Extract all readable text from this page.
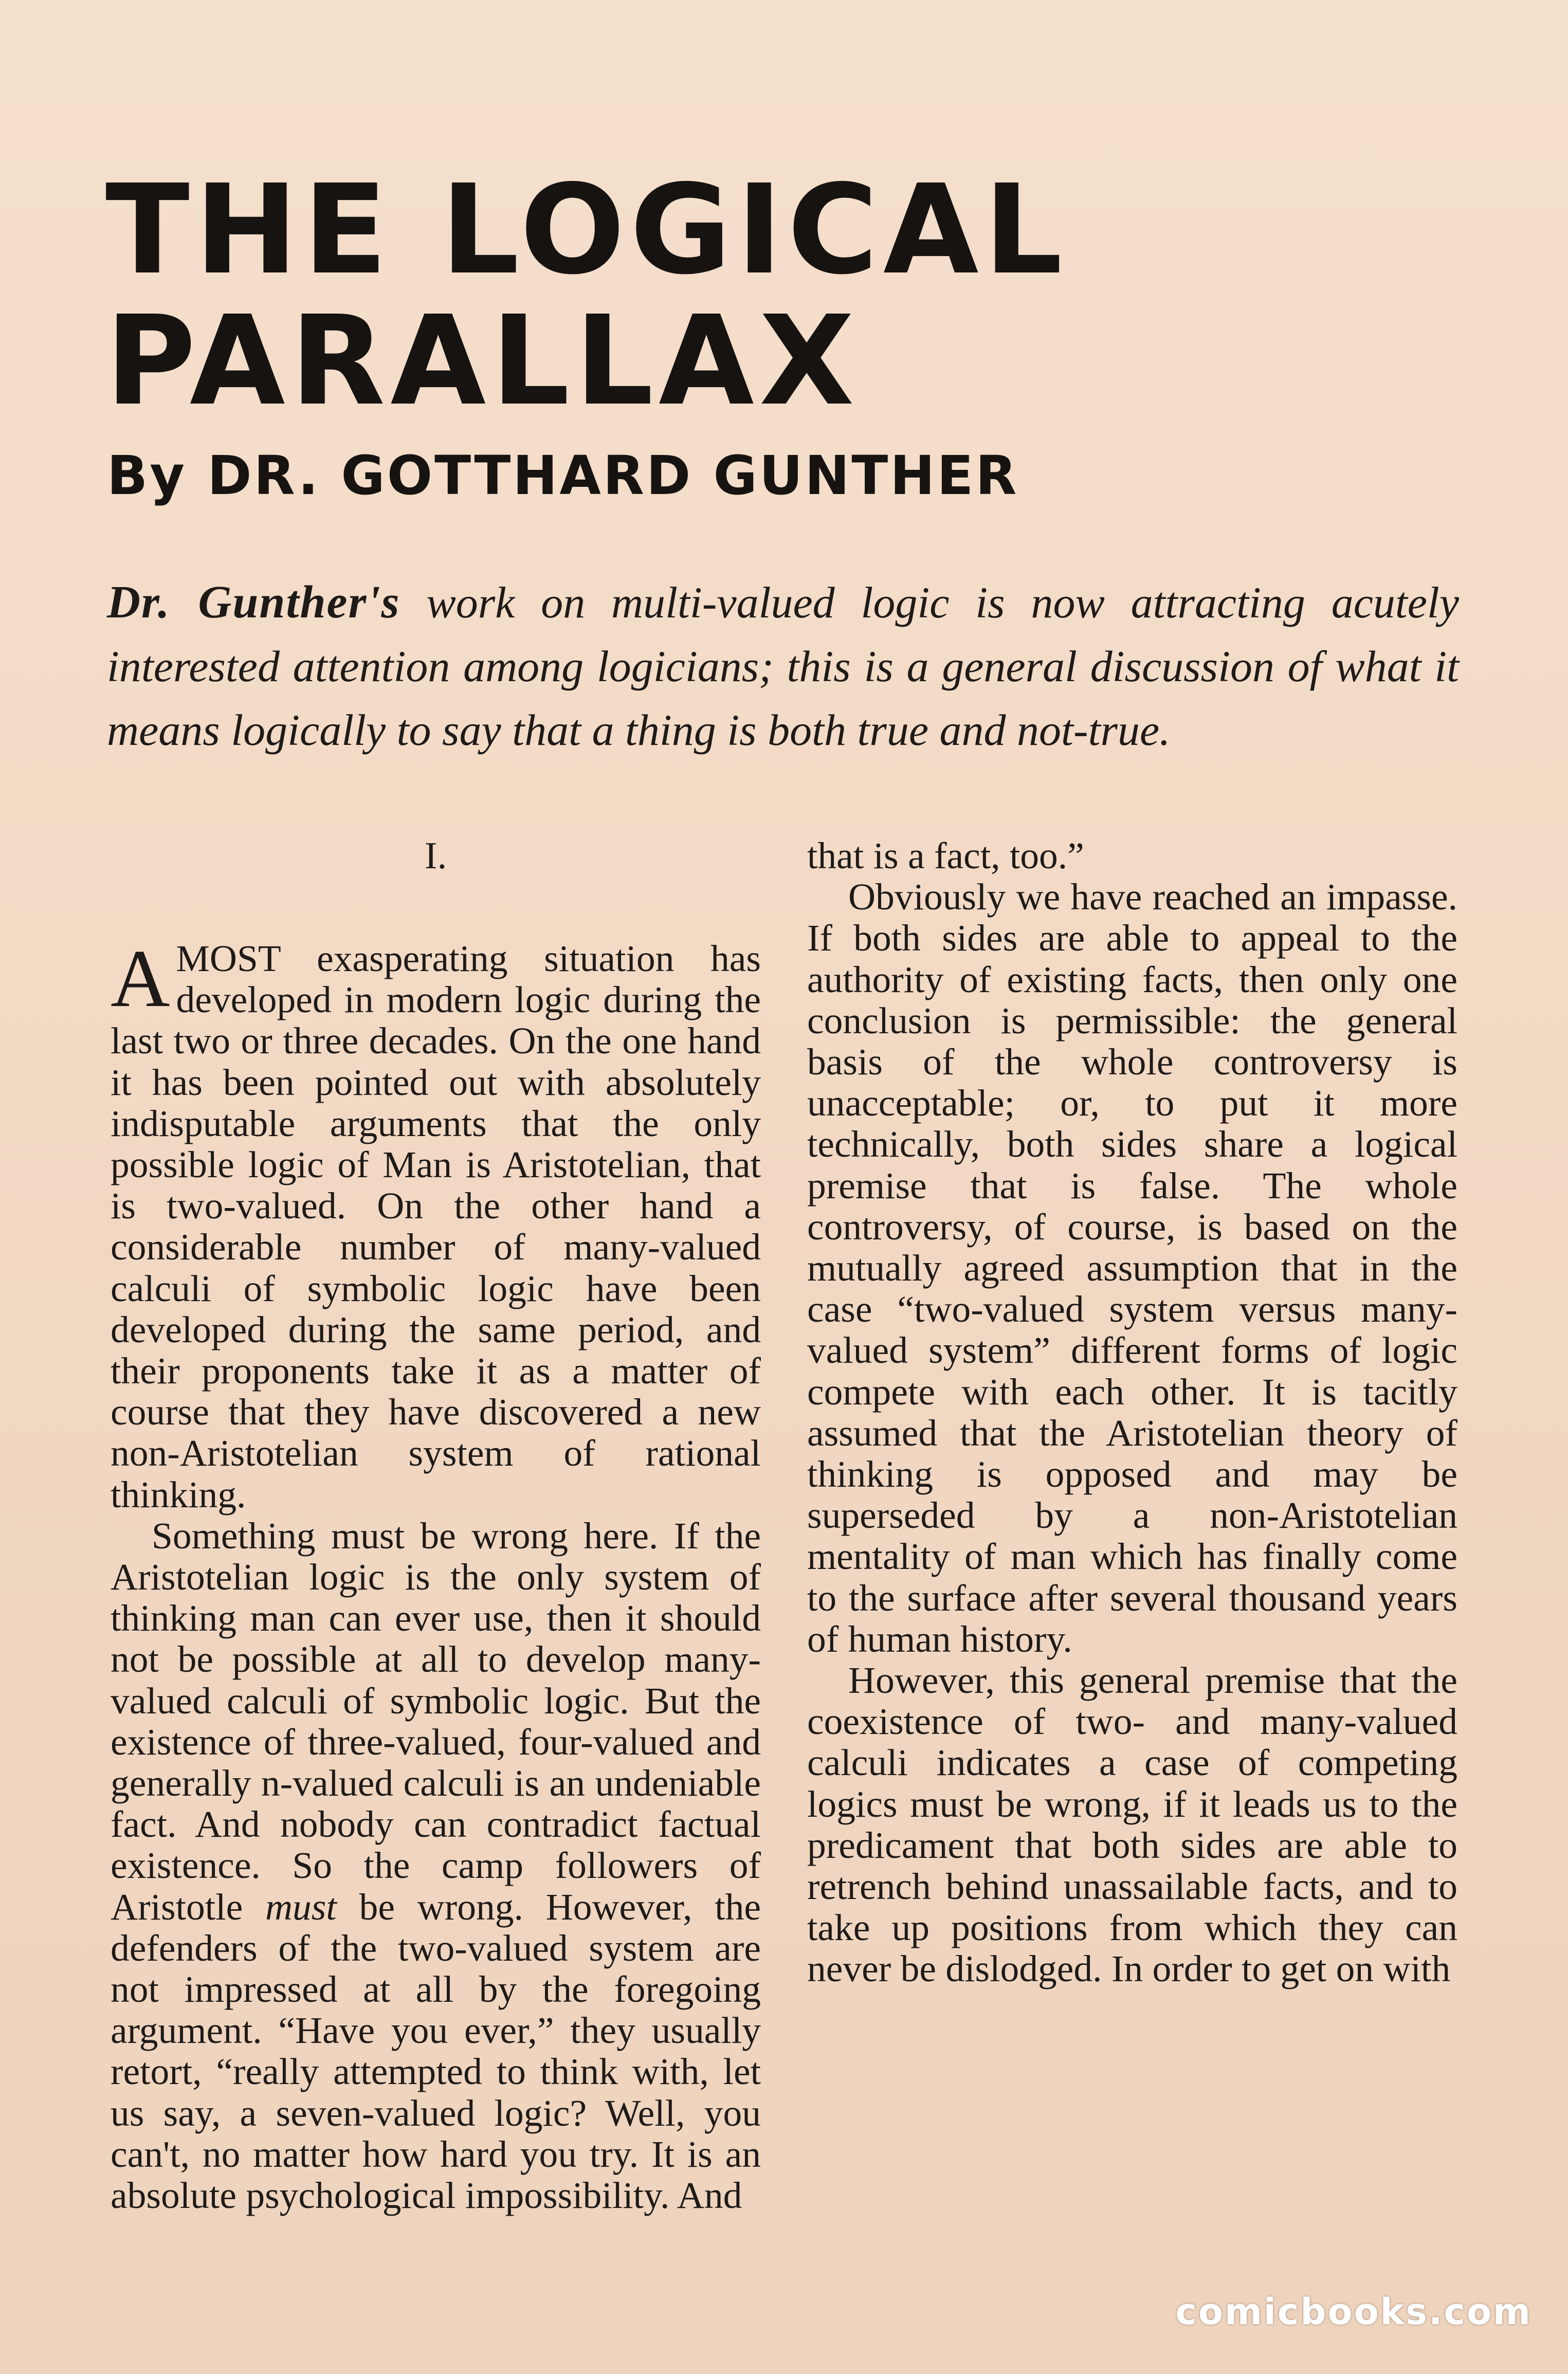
THE LOGICAL
PARALLAX
By DR. GOTTHARD GUNTHER
Dr. Gunther's work on multi-valued logic is now attracting acutely interested attention among logicians; this is a general discussion of what it means logically to say that a thing is both true and not-true.
I.

AMOST exasperating situation has developed in modern logic during the last two or three decades. On the one hand it has been pointed out with absolutely indisputable arguments that the only possible logic of Man is Aristotelian, that is two-valued. On the other hand a considerable number of many-valued calculi of symbolic logic have been developed during the same period, and their proponents take it as a matter of course that they have discovered a new non-Aristotelian system of rational thinking.

Something must be wrong here. If the Aristotelian logic is the only system of thinking man can ever use, then it should not be possible at all to develop many-valued calculi of symbolic logic. But the existence of three-valued, four-valued and generally n-valued calculi is an undeniable fact. And nobody can contradict factual existence. So the camp followers of Aristotle must be wrong. However, the defenders of the two-valued system are not impressed at all by the foregoing argument. “Have you ever,” they usually retort, “really attempted to think with, let us say, a seven-valued logic? Well, you can't, no matter how hard you try. It is an absolute psychological impossibility. And

that is a fact, too.”

Obviously we have reached an impasse. If both sides are able to appeal to the authority of existing facts, then only one conclusion is permissible: the general basis of the whole controversy is unacceptable; or, to put it more technically, both sides share a logical premise that is false. The whole controversy, of course, is based on the mutually agreed assumption that in the case “two-valued system versus many-valued system” different forms of logic compete with each other. It is tacitly assumed that the Aristotelian theory of thinking is opposed and may be superseded by a non-Aristotelian mentality of man which has finally come to the surface after several thousand years of human history.

However, this general premise that the coexistence of two- and many-valued calculi indicates a case of competing logics must be wrong, if it leads us to the predicament that both sides are able to retrench behind unassailable facts, and to take up positions from which they can never be dislodged. In order to get on with

comicbooks.com
